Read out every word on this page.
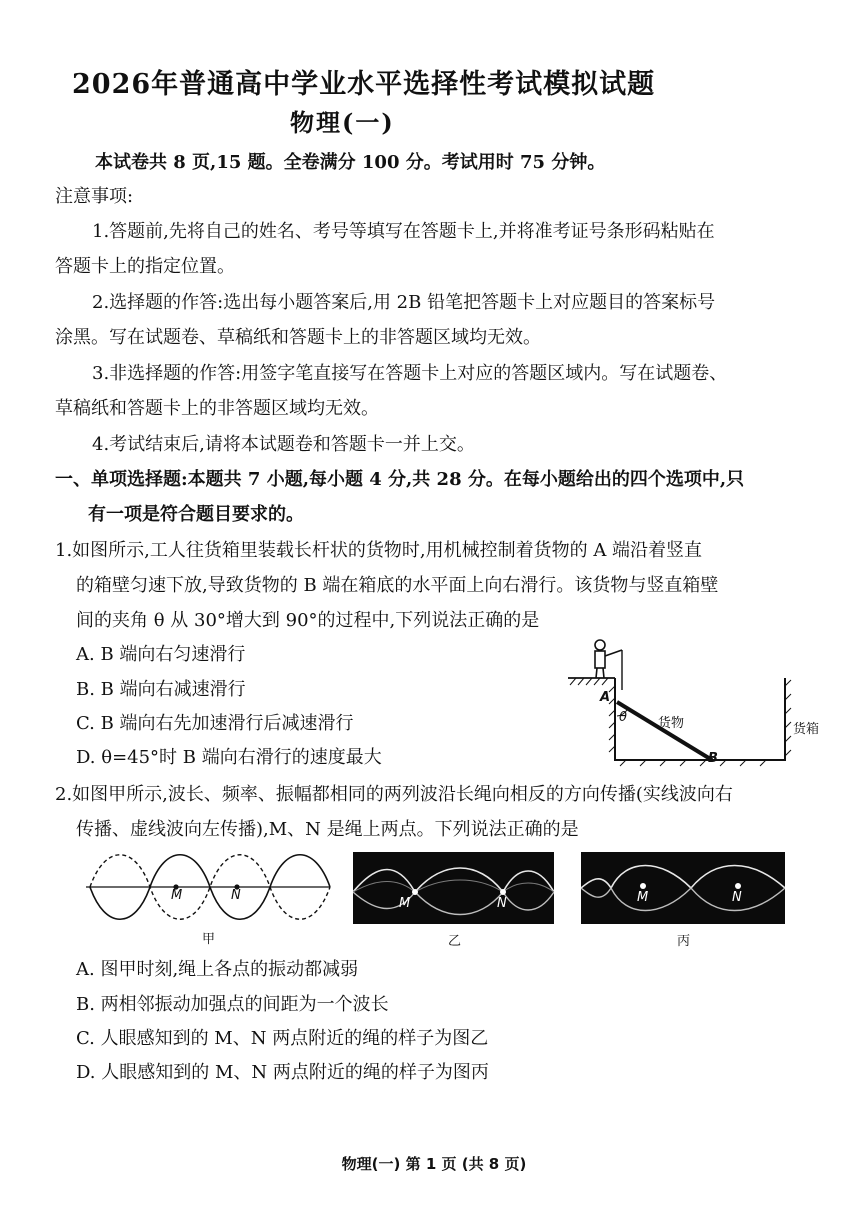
2026年普通高中学业水平选择性考试模拟试题
物理(一)
本试卷共 8 页,15 题。全卷满分 100 分。考试用时 75 分钟。
注意事项:
1.答题前,先将自己的姓名、考号等填写在答题卡上,并将准考证号条形码粘贴在
答题卡上的指定位置。
2.选择题的作答:选出每小题答案后,用 2B 铅笔把答题卡上对应题目的答案标号
涂黑。写在试题卷、草稿纸和答题卡上的非答题区域均无效。
3.非选择题的作答:用签字笔直接写在答题卡上对应的答题区域内。写在试题卷、
草稿纸和答题卡上的非答题区域均无效。
4.考试结束后,请将本试题卷和答题卡一并上交。
一、单项选择题:本题共 7 小题,每小题 4 分,共 28 分。在每小题给出的四个选项中,只
有一项是符合题目要求的。
1.如图所示,工人往货箱里装载长杆状的货物时,用机械控制着货物的 A 端沿着竖直
的箱壁匀速下放,导致货物的 B 端在箱底的水平面上向右滑行。该货物与竖直箱壁
间的夹角 θ 从 30°增大到 90°的过程中,下列说法正确的是
A. B 端向右匀速滑行
B. B 端向右减速滑行
C. B 端向右先加速滑行后减速滑行
D. θ=45°时 B 端向右滑行的速度最大
A
θ
B
货物	货箱
2.如图甲所示,波长、频率、振幅都相同的两列波沿长绳向相反的方向传播(实线波向右
传播、虚线波向左传播),M、N 是绳上两点。下列说法正确的是
M	N
甲
M	N
乙
M	N
丙
A. 图甲时刻,绳上各点的振动都减弱
B. 两相邻振动加强点的间距为一个波长
C. 人眼感知到的 M、N 两点附近的绳的样子为图乙
D. 人眼感知到的 M、N 两点附近的绳的样子为图丙
物理(一) 第 1 页 (共 8 页)
